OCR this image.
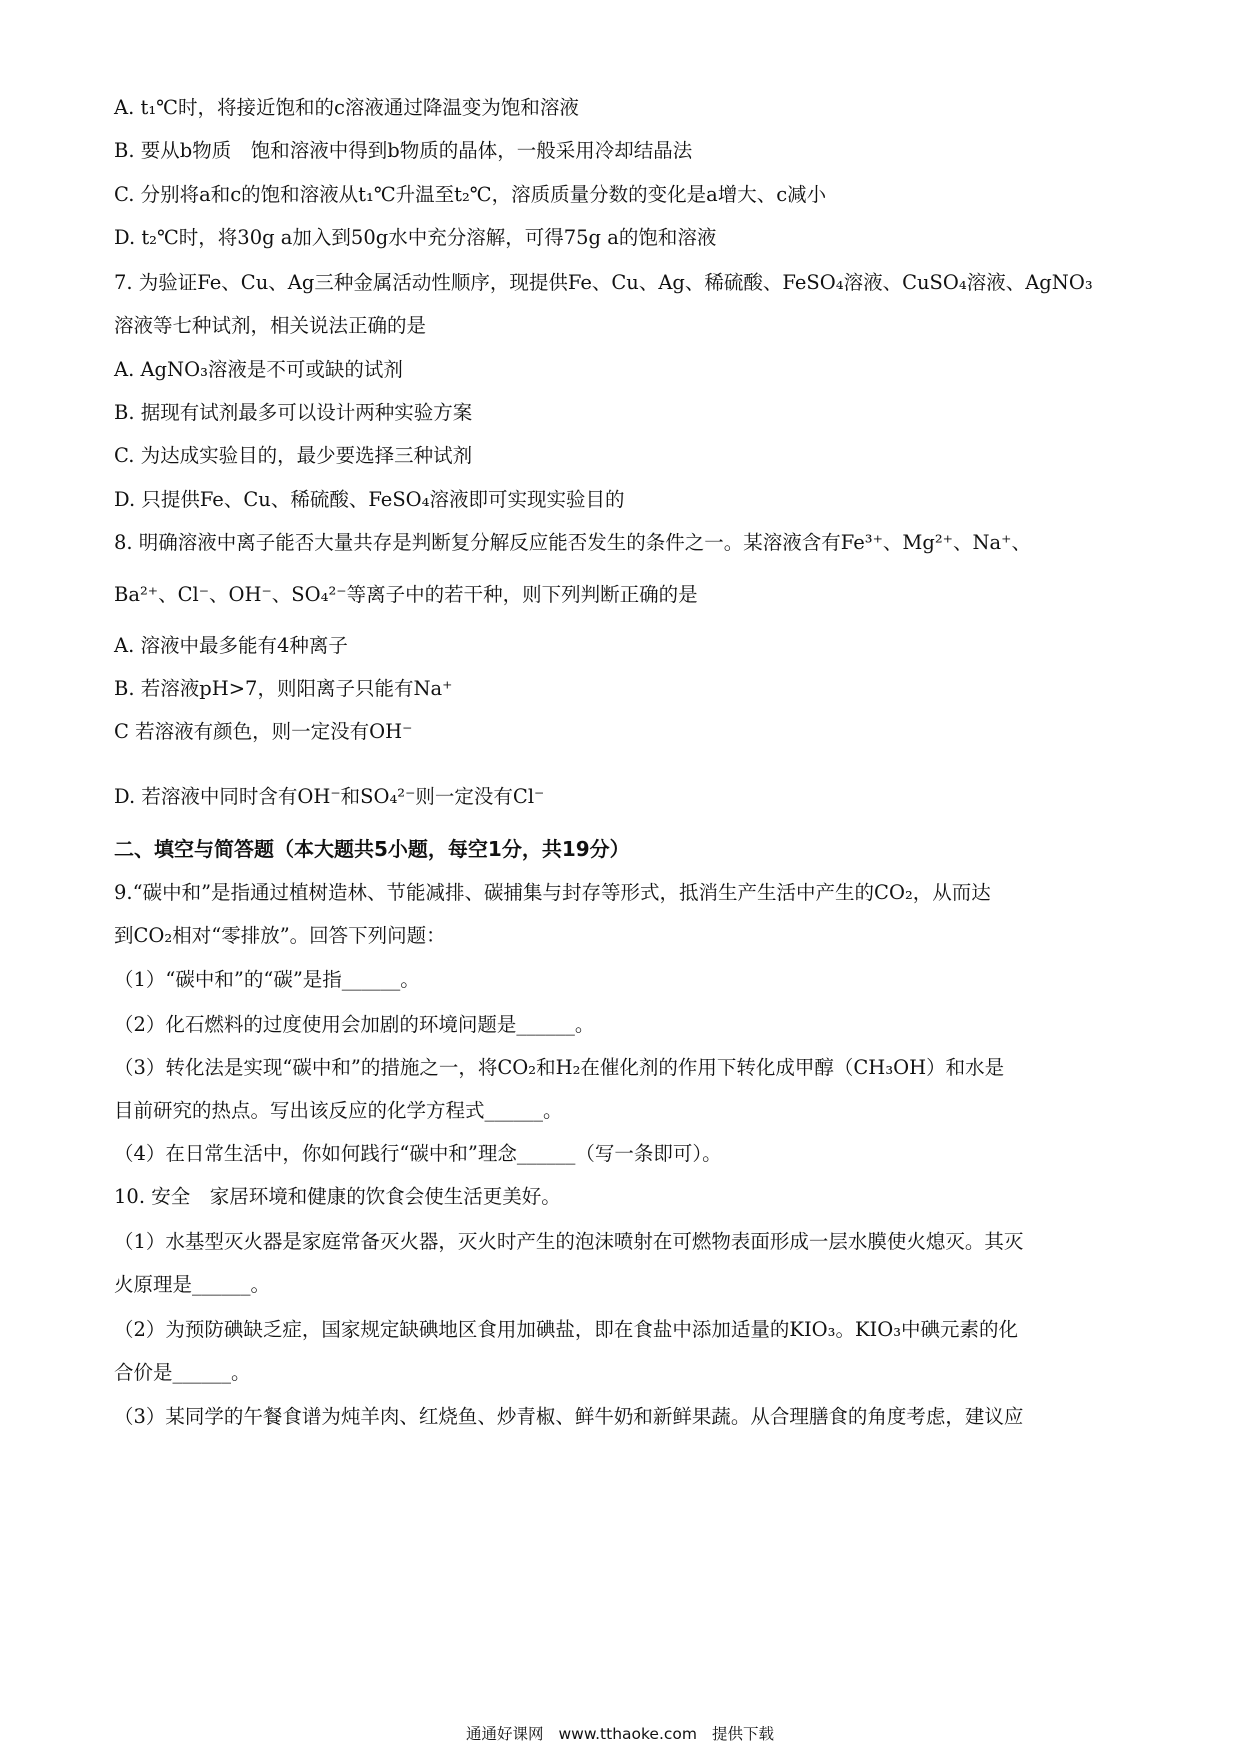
A. t₁℃时，将接近饱和的c溶液通过降温变为饱和溶液
B. 要从b物质　饱和溶液中得到b物质的晶体，一般采用冷却结晶法
C. 分别将a和c的饱和溶液从t₁℃升温至t₂℃，溶质质量分数的变化是a增大、c减小
D. t₂℃时，将30g a加入到50g水中充分溶解，可得75g a的饱和溶液
7. 为验证Fe、Cu、Ag三种金属活动性顺序，现提供Fe、Cu、Ag、稀硫酸、FeSO₄溶液、CuSO₄溶液、AgNO₃
溶液等七种试剂，相关说法正确的是
A. AgNO₃溶液是不可或缺的试剂
B. 据现有试剂最多可以设计两种实验方案
C. 为达成实验目的，最少要选择三种试剂
D. 只提供Fe、Cu、稀硫酸、FeSO₄溶液即可实现实验目的
8. 明确溶液中离子能否大量共存是判断复分解反应能否发生的条件之一。某溶液含有Fe³⁺、Mg²⁺、Na⁺、
Ba²⁺、Cl⁻、OH⁻、SO₄²⁻等离子中的若干种，则下列判断正确的是
A. 溶液中最多能有4种离子
B. 若溶液pH>7，则阳离子只能有Na⁺
C 若溶液有颜色，则一定没有OH⁻
D. 若溶液中同时含有OH⁻和SO₄²⁻则一定没有Cl⁻
二、填空与简答题（本大题共5小题，每空1分，共19分）
9.“碳中和”是指通过植树造林、节能减排、碳捕集与封存等形式，抵消生产生活中产生的CO₂，从而达
到CO₂相对“零排放”。回答下列问题：
（1）“碳中和”的“碳”是指______。
（2）化石燃料的过度使用会加剧的环境问题是______。
（3）转化法是实现“碳中和”的措施之一，将CO₂和H₂在催化剂的作用下转化成甲醇（CH₃OH）和水是
目前研究的热点。写出该反应的化学方程式______。
（4）在日常生活中，你如何践行“碳中和”理念______（写一条即可）。
10. 安全　家居环境和健康的饮食会使生活更美好。
（1）水基型灭火器是家庭常备灭火器，灭火时产生的泡沫喷射在可燃物表面形成一层水膜使火熄灭。其灭
火原理是______。
（2）为预防碘缺乏症，国家规定缺碘地区食用加碘盐，即在食盐中添加适量的KIO₃。KIO₃中碘元素的化
合价是______。
（3）某同学的午餐食谱为炖羊肉、红烧鱼、炒青椒、鲜牛奶和新鲜果蔬。从合理膳食的角度考虑，建议应
通通好课网 www.tthaoke.com 提供下载
